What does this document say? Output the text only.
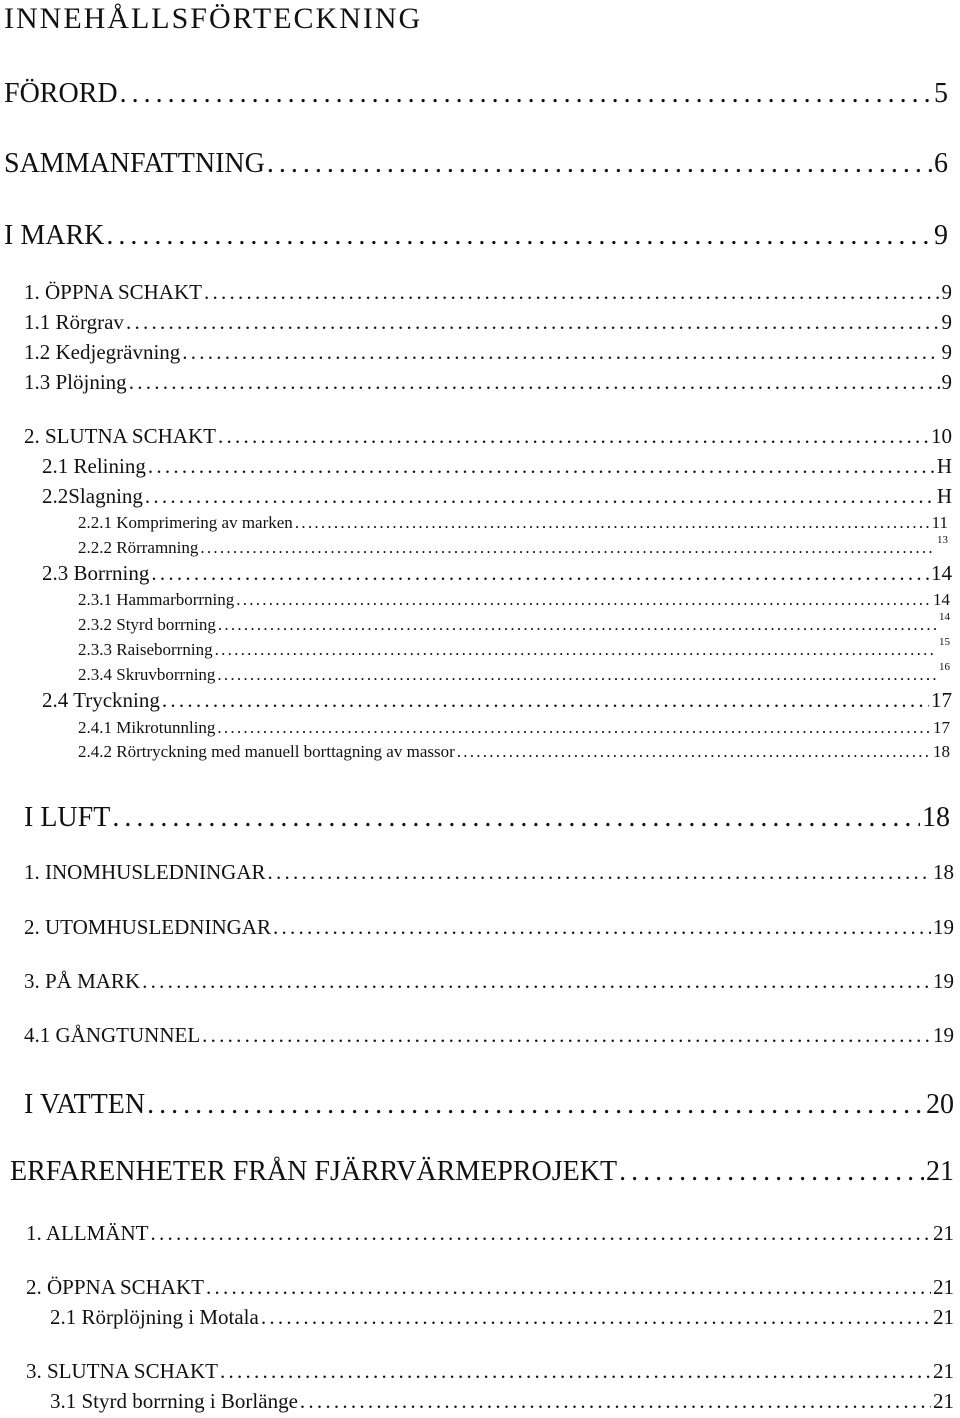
INNEHÅLLSFÖRTECKNING
FÖRORD . . .	5
SAMMANFATTNING . . .	6
I MARK . . .	9
1. ÖPPNA SCHAKT . . .	9
1.1 Rörgrav . . .	9
1.2 Kedjegrävning . . .	9
1.3 Plöjning . . .	9
2. SLUTNA SCHAKT . . .	10
2.1 Relining . . .	H
2.2Slagning . . .	H
2.2.1 Komprimering av marken . . .	11
2.2.2 Rörramning . . .	13
2.3 Borrning . . .	14
2.3.1 Hammarborrning . . .	14
2.3.2 Styrd borrning . . .	14
2.3.3 Raiseborrning . . .	15
2.3.4 Skruvborrning . . .	16
2.4 Tryckning . . .	17
2.4.1 Mikrotunnling . . .	17
2.4.2 Rörtryckning med manuell borttagning av massor . . .	18
I LUFT . . .	18
1. INOMHUSLEDNINGAR . . .	18
2. UTOMHUSLEDNINGAR . . .	19
3. PÅ MARK . . .	19
4.1 GÅNGTUNNEL . . .	19
I VATTEN . . .	20
ERFARENHETER FRÅN FJÄRRVÄRMEPROJEKT . . .	21
1. ALLMÄNT . . .	21
2. ÖPPNA SCHAKT . . .	21
2.1 Rörplöjning i Motala . . .	21
3. SLUTNA SCHAKT . . .	21
3.1 Styrd borrning i Borlänge . . .	21
